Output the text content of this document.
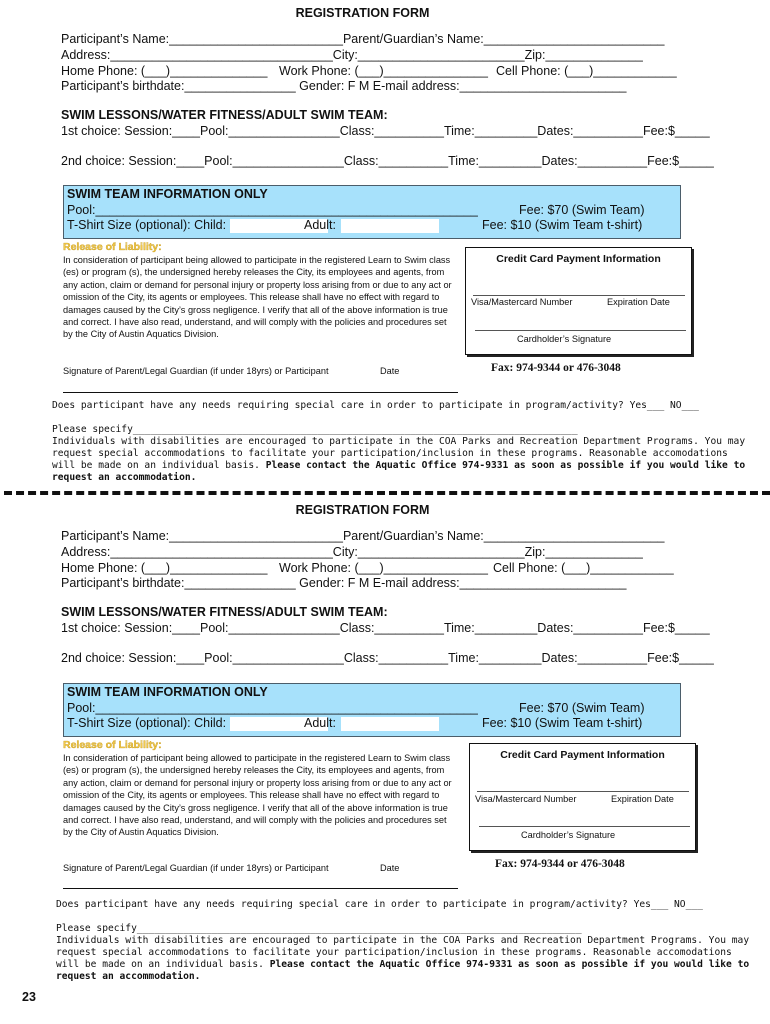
REGISTRATION FORM
Participant’s Name:_________________________Parent/Guardian’s Name:__________________________
Address:________________________________City:________________________Zip:______________
Home Phone: (___)______________ Work Phone: (___)_______________ Cell Phone: (___)____________
Participant’s birthdate:________________ Gender: F M E-mail address:________________________
SWIM LESSONS/WATER FITNESS/ADULT SWIM TEAM:
1st choice: Session:____Pool:________________Class:__________Time:_________Dates:__________Fee:$_____
2nd choice: Session:____Pool:________________Class:__________Time:_________Dates:__________Fee:$_____
SWIM TEAM INFORMATION ONLY
Pool:_______________________________________________________	Fee: $70 (Swim Team)
T-Shirt Size (optional): Child:	Adult:	Fee: $10 (Swim Team t-shirt)
Release of Liability:
In consideration of participant being allowed to participate in the registered Learn to Swim class (es) or program (s), the undersigned hereby releases the City, its employees and agents, from any action, claim or demand for personal injury or property loss arising from or due to any act or omission of the City, its agents or employees. This release shall have no effect with regard to damages caused by the City’s gross negligence. I verify that all of the above information is true and correct. I have also read, understand, and will comply with the policies and procedures set by the City of Austin Aquatics Division.
Signature of Parent/Legal Guardian (if under 18yrs) or Participant	Date
Credit Card Payment Information
Visa/Mastercard Number	Expiration Date
Cardholder’s Signature
Fax: 974-9344 or 476-3048
Does participant have any needs requiring special care in order to participate in program/activity? Yes___ NO___
Please specify_____________________________________________________________________________
Individuals with disabilities are encouraged to participate in the COA Parks and Recreation Department Programs. You may request special accommodations to facilitate your participation/inclusion in these programs. Reasonable accomodations will be made on an individual basis. Please contact the Aquatic Office 974-9331 as soon as possible if you would like to request an accommodation.
REGISTRATION FORM
Participant’s Name:_________________________Parent/Guardian’s Name:__________________________
Address:________________________________City:________________________Zip:______________
Home Phone: (___)______________ Work Phone: (___)_______________ Cell Phone: (___)____________
Participant’s birthdate:________________ Gender: F M E-mail address:________________________
SWIM LESSONS/WATER FITNESS/ADULT SWIM TEAM:
1st choice: Session:____Pool:________________Class:__________Time:_________Dates:__________Fee:$_____
2nd choice: Session:____Pool:________________Class:__________Time:_________Dates:__________Fee:$_____
SWIM TEAM INFORMATION ONLY
Pool:_______________________________________________________	Fee: $70 (Swim Team)
T-Shirt Size (optional): Child:	Adult:	Fee: $10 (Swim Team t-shirt)
Release of Liability:
In consideration of participant being allowed to participate in the registered Learn to Swim class (es) or program (s), the undersigned hereby releases the City, its employees and agents, from any action, claim or demand for personal injury or property loss arising from or due to any act or omission of the City, its agents or employees. This release shall have no effect with regard to damages caused by the City’s gross negligence. I verify that all of the above information is true and correct. I have also read, understand, and will comply with the policies and procedures set by the City of Austin Aquatics Division.
Signature of Parent/Legal Guardian (if under 18yrs) or Participant	Date
Credit Card Payment Information
Visa/Mastercard Number	Expiration Date
Cardholder’s Signature
Fax: 974-9344 or 476-3048
Does participant have any needs requiring special care in order to participate in program/activity? Yes___ NO___
Please specify_____________________________________________________________________________
Individuals with disabilities are encouraged to participate in the COA Parks and Recreation Department Programs. You may request special accommodations to facilitate your participation/inclusion in these programs. Reasonable accomodations will be made on an individual basis. Please contact the Aquatic Office 974-9331 as soon as possible if you would like to request an accommodation.
23
